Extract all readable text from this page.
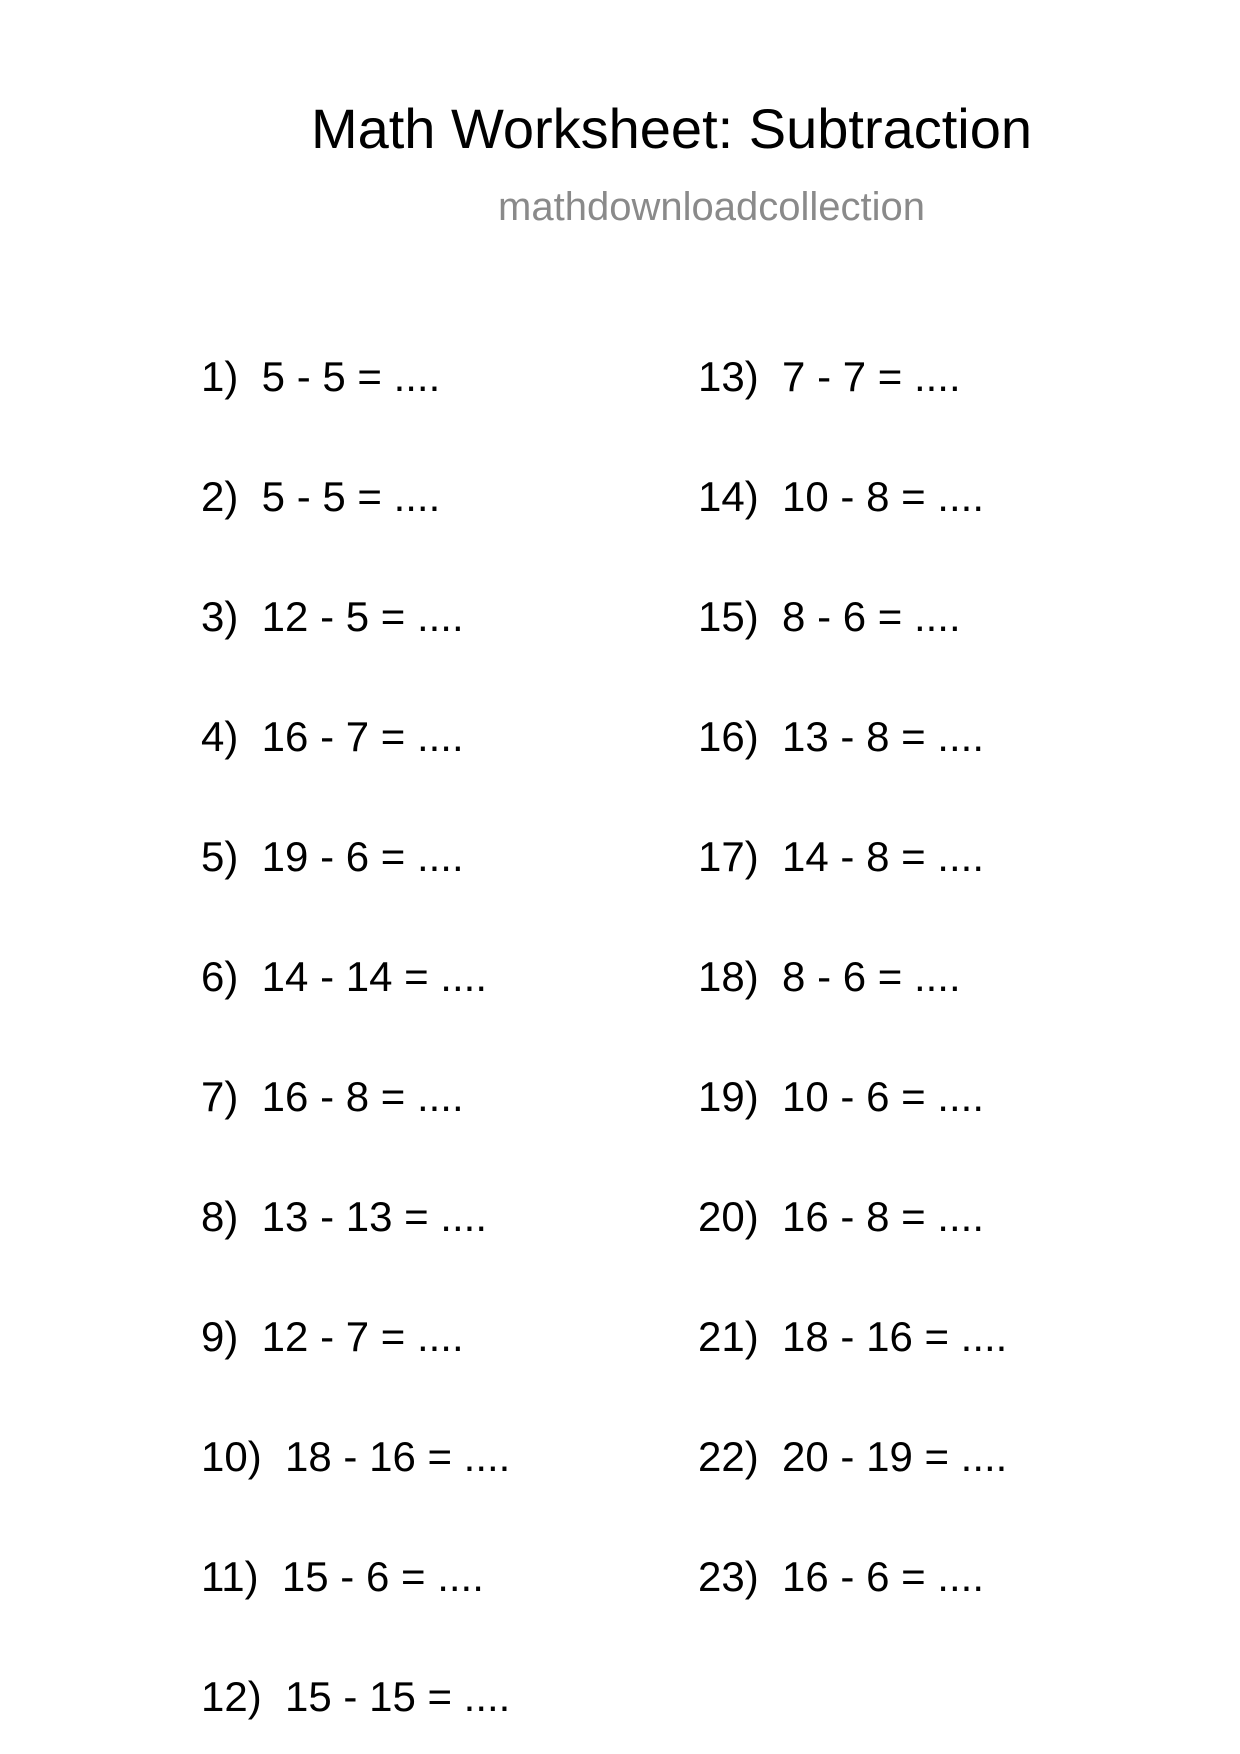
Math Worksheet: Subtraction
mathdownloadcollection
1)  5 - 5 = ....
2)  5 - 5 = ....
3)  12 - 5 = ....
4)  16 - 7 = ....
5)  19 - 6 = ....
6)  14 - 14 = ....
7)  16 - 8 = ....
8)  13 - 13 = ....
9)  12 - 7 = ....
10)  18 - 16 = ....
11)  15 - 6 = ....
12)  15 - 15 = ....
13)  7 - 7 = ....
14)  10 - 8 = ....
15)  8 - 6 = ....
16)  13 - 8 = ....
17)  14 - 8 = ....
18)  8 - 6 = ....
19)  10 - 6 = ....
20)  16 - 8 = ....
21)  18 - 16 = ....
22)  20 - 19 = ....
23)  16 - 6 = ....
